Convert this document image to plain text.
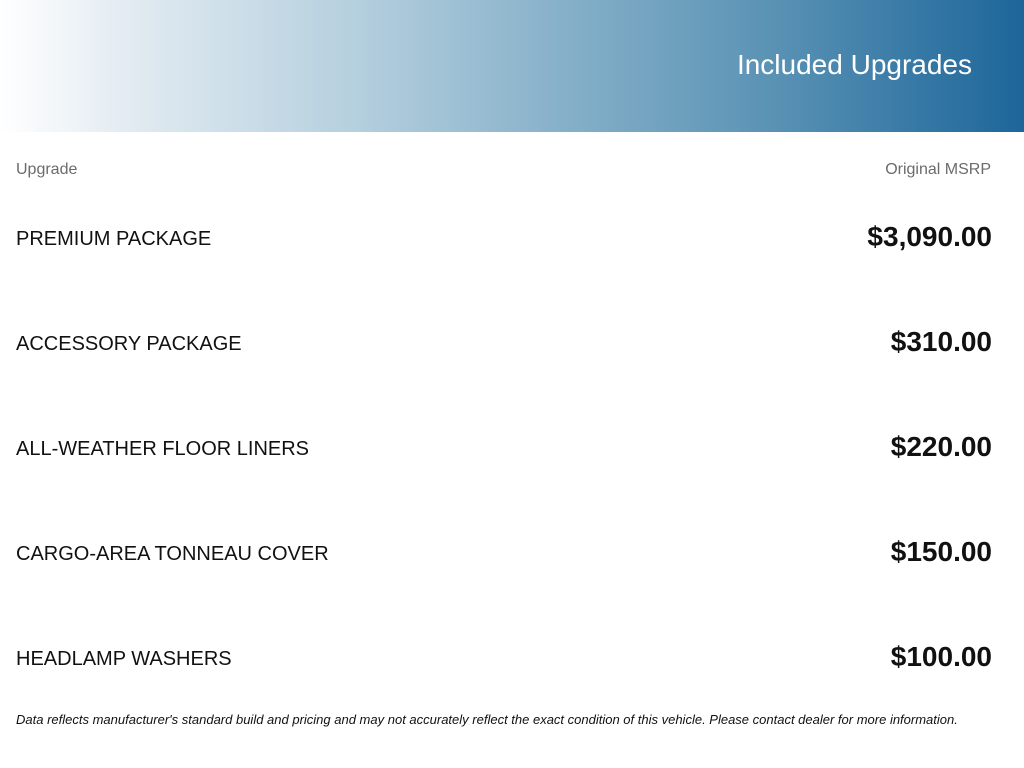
Included Upgrades
Upgrade	Original MSRP
PREMIUM PACKAGE	$3,090.00
ACCESSORY PACKAGE	$310.00
ALL-WEATHER FLOOR LINERS	$220.00
CARGO-AREA TONNEAU COVER	$150.00
HEADLAMP WASHERS	$100.00
Data reflects manufacturer's standard build and pricing and may not accurately reflect the exact condition of this vehicle. Please contact dealer for more information.
